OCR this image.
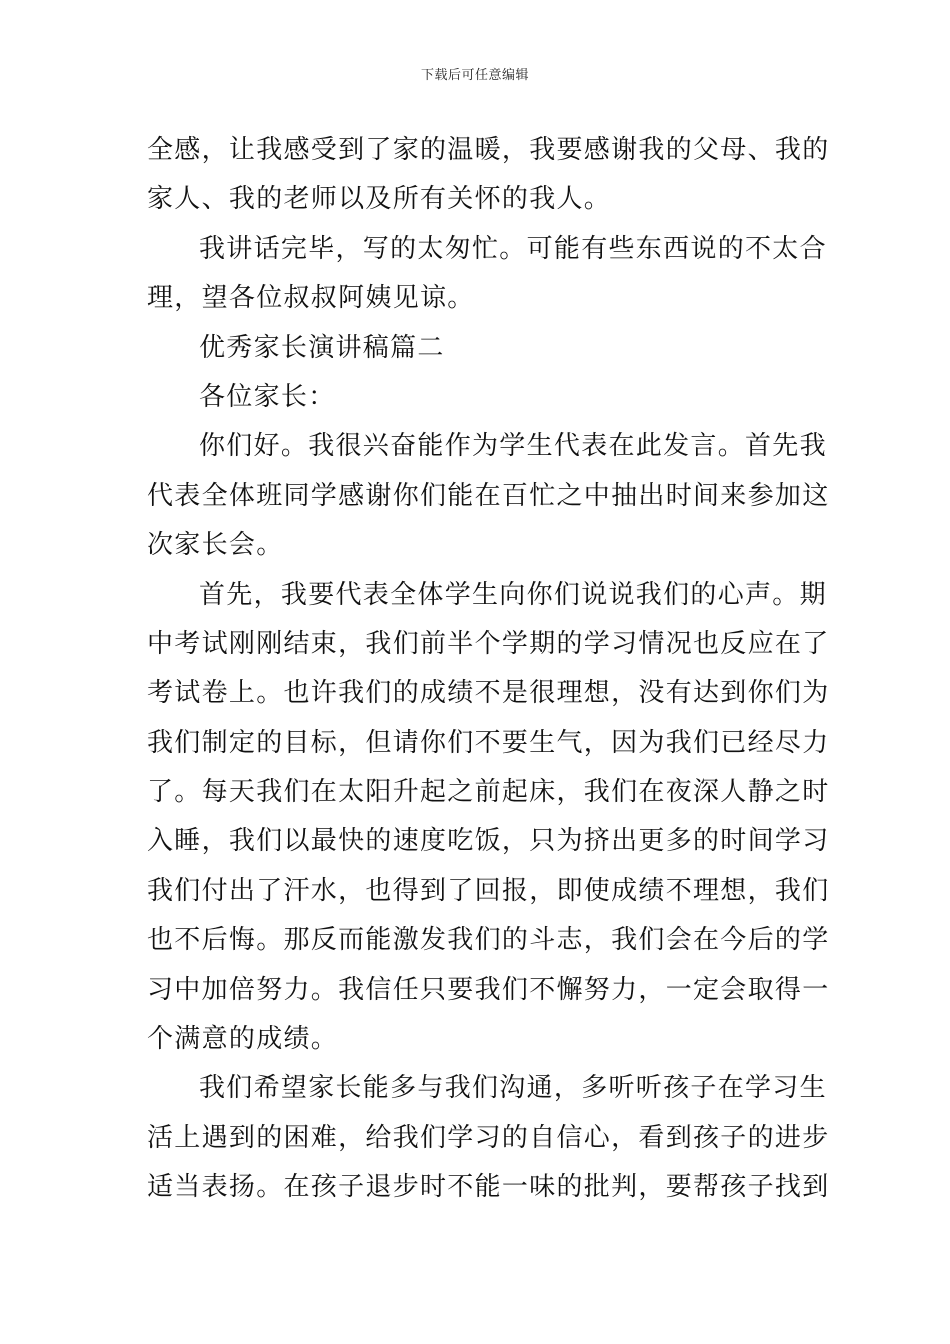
下载后可任意编辑
全感，让我感受到了家的温暖，我要感谢我的父母、我的
家人、我的老师以及所有关怀的我人。
我讲话完毕，写的太匆忙。可能有些东西说的不太合
理，望各位叔叔阿姨见谅。
优秀家长演讲稿篇二
各位家长：
你们好。我很兴奋能作为学生代表在此发言。首先我
代表全体班同学感谢你们能在百忙之中抽出时间来参加这
次家长会。
首先，我要代表全体学生向你们说说我们的心声。期
中考试刚刚结束，我们前半个学期的学习情况也反应在了
考试卷上。也许我们的成绩不是很理想，没有达到你们为
我们制定的目标，但请你们不要生气，因为我们已经尽力
了。每天我们在太阳升起之前起床，我们在夜深人静之时
入睡，我们以最快的速度吃饭，只为挤出更多的时间学习
我们付出了汗水，也得到了回报，即使成绩不理想，我们
也不后悔。那反而能激发我们的斗志，我们会在今后的学
习中加倍努力。我信任只要我们不懈努力，一定会取得一
个满意的成绩。
我们希望家长能多与我们沟通，多听听孩子在学习生
活上遇到的困难，给我们学习的自信心，看到孩子的进步
适当表扬。在孩子退步时不能一味的批判，要帮孩子找到
